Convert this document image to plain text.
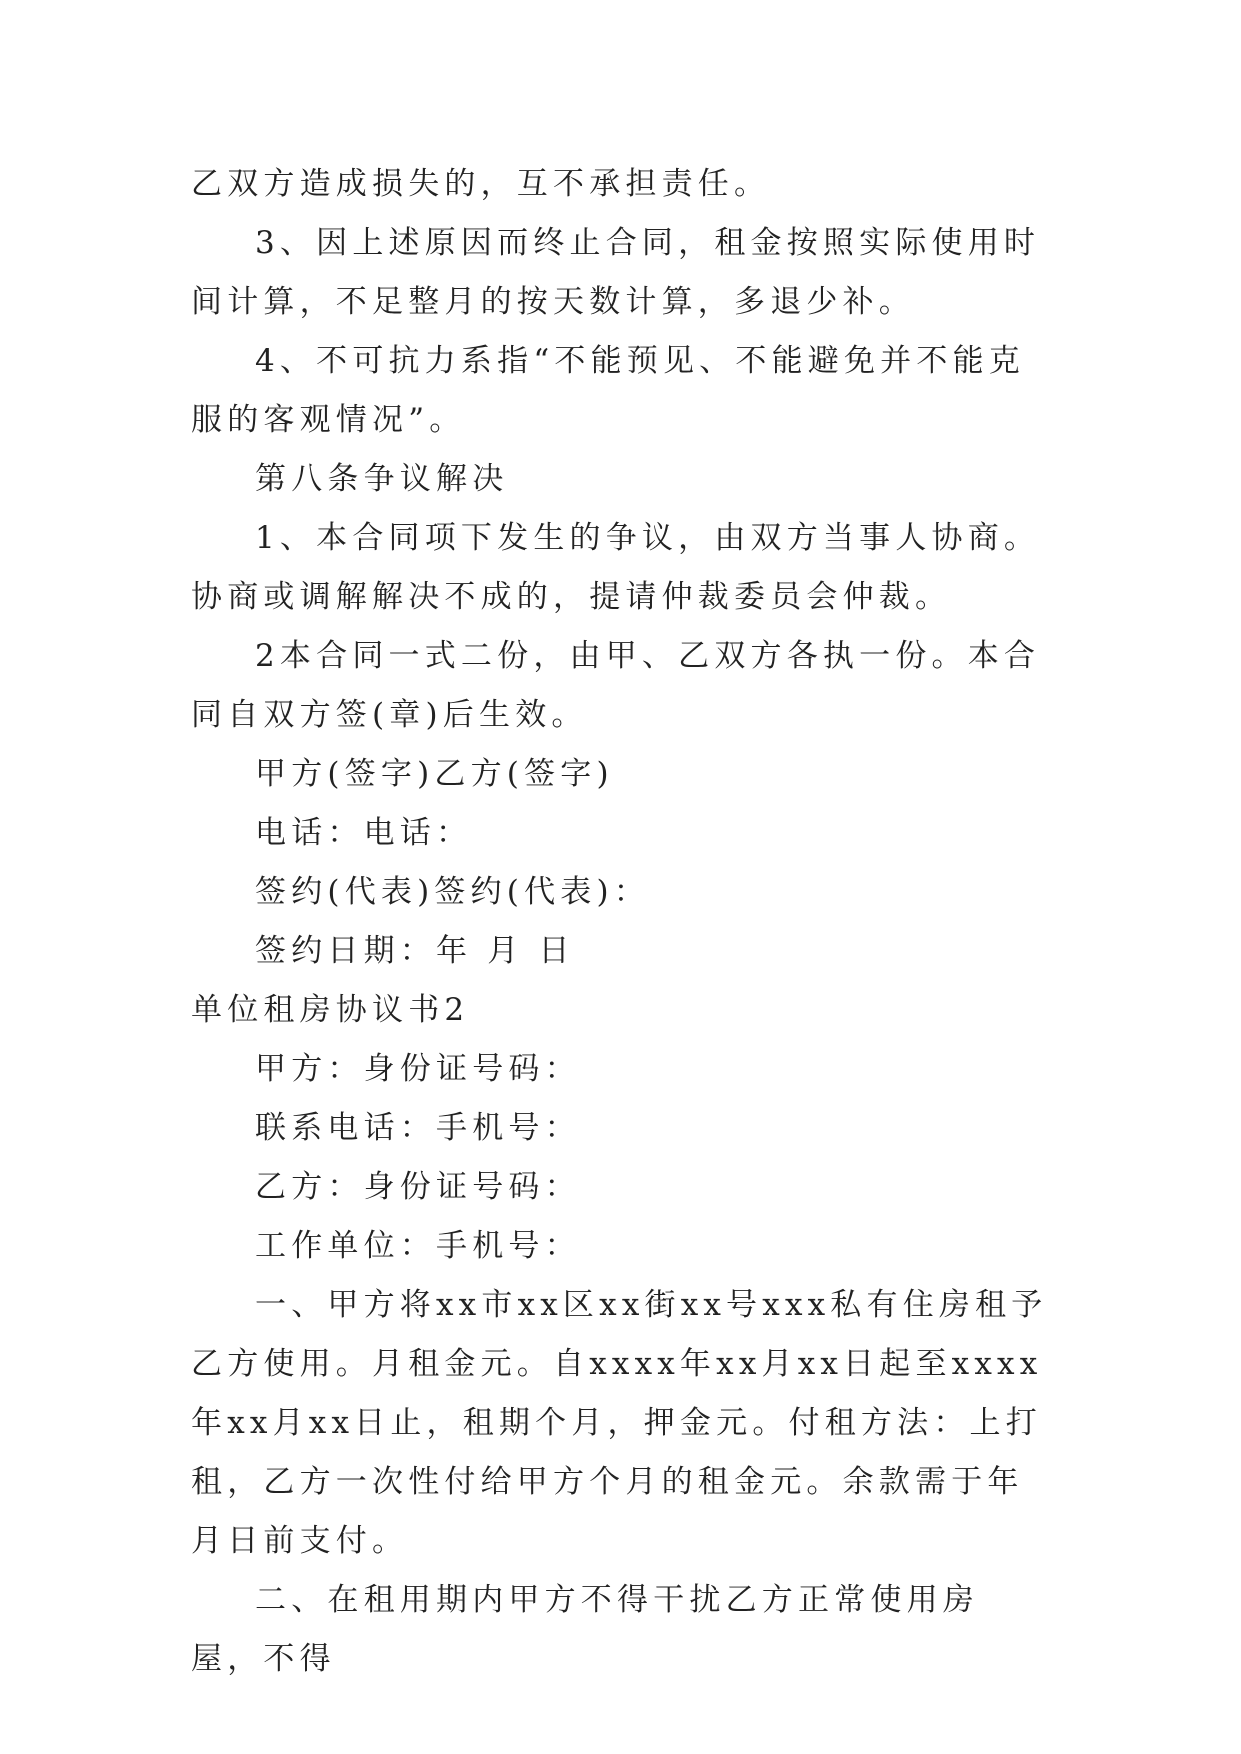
乙双方造成损失的，互不承担责任。

3、因上述原因而终止合同，租金按照实际使用时间计算，不足整月的按天数计算，多退少补。

4、不可抗力系指“不能预见、不能避免并不能克服的客观情况”。

第八条争议解决

1、本合同项下发生的争议，由双方当事人协商。协商或调解解决不成的，提请仲裁委员会仲裁。

2本合同一式二份，由甲、乙双方各执一份。本合同自双方签(章)后生效。

甲方(签字)乙方(签字)

电话：电话：

签约(代表)签约(代表)：

签约日期：年 月 日

单位租房协议书2

甲方：身份证号码：

联系电话：手机号：

乙方：身份证号码：

工作单位：手机号：

一、甲方将xx市xx区xx街xx号xxx私有住房租予乙方使用。月租金元。自xxxx年xx月xx日起至xxxx年xx月xx日止，租期个月，押金元。付租方法：上打租，乙方一次性付给甲方个月的租金元。余款需于年月日前支付。

二、在租用期内甲方不得干扰乙方正常使用房屋，不得
